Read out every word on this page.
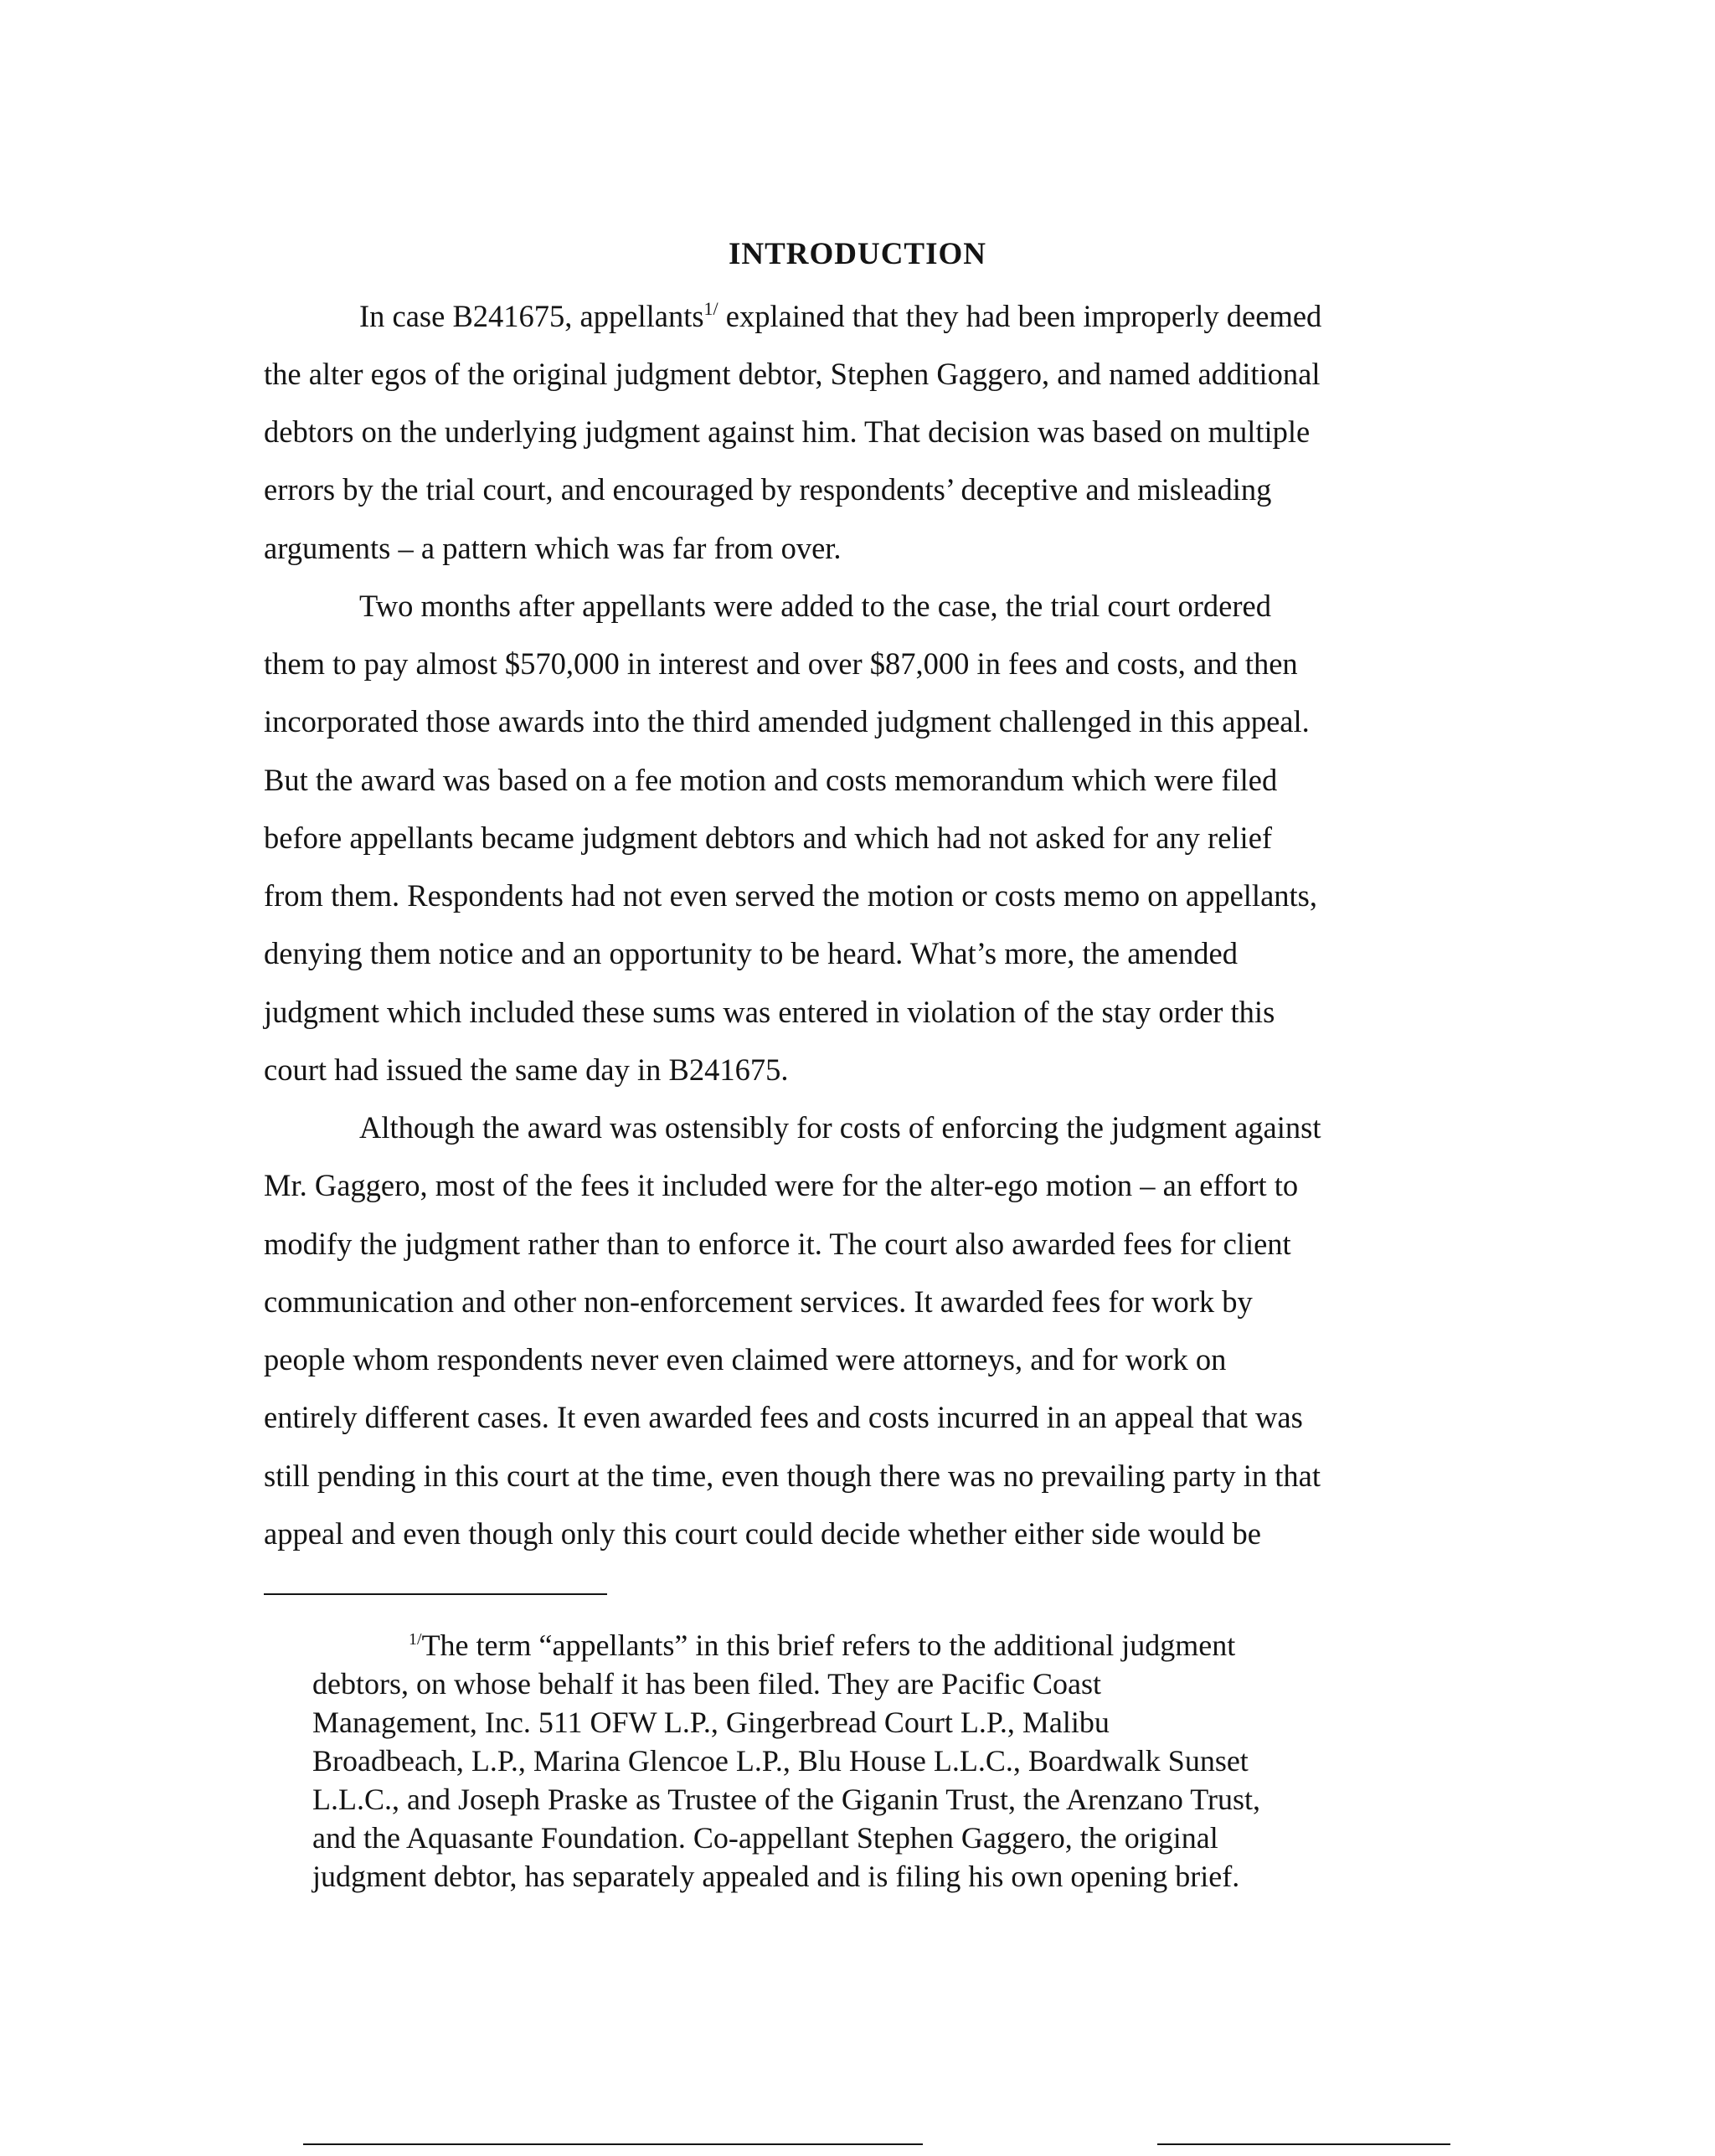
INTRODUCTION
In case B241675, appellants$^{1/}$ explained that they had been improperly deemed
the alter egos of the original judgment debtor, Stephen Gaggero, and named additional
debtors on the underlying judgment against him. That decision was based on multiple
errors by the trial court, and encouraged by respondents’ deceptive and misleading
arguments – a pattern which was far from over.
Two months after appellants were added to the case, the trial court ordered
them to pay almost $570,000 in interest and over $87,000 in fees and costs, and then
incorporated those awards into the third amended judgment challenged in this appeal.
But the award was based on a fee motion and costs memorandum which were filed
before appellants became judgment debtors and which had not asked for any relief
from them. Respondents had not even served the motion or costs memo on appellants,
denying them notice and an opportunity to be heard. What’s more, the amended
judgment which included these sums was entered in violation of the stay order this
court had issued the same day in B241675.
Although the award was ostensibly for costs of enforcing the judgment against
Mr. Gaggero, most of the fees it included were for the alter-ego motion – an effort to
modify the judgment rather than to enforce it. The court also awarded fees for client
communication and other non-enforcement services. It awarded fees for work by
people whom respondents never even claimed were attorneys, and for work on
entirely different cases. It even awarded fees and costs incurred in an appeal that was
still pending in this court at the time, even though there was no prevailing party in that
appeal and even though only this court could decide whether either side would be
$^{1/}$The term “appellants” in this brief refers to the additional judgment
debtors, on whose behalf it has been filed. They are Pacific Coast
Management, Inc. 511 OFW L.P., Gingerbread Court L.P., Malibu
Broadbeach, L.P., Marina Glencoe L.P., Blu House L.L.C., Boardwalk Sunset
L.L.C., and Joseph Praske as Trustee of the Giganin Trust, the Arenzano Trust,
and the Aquasante Foundation. Co-appellant Stephen Gaggero, the original
judgment debtor, has separately appealed and is filing his own opening brief.
